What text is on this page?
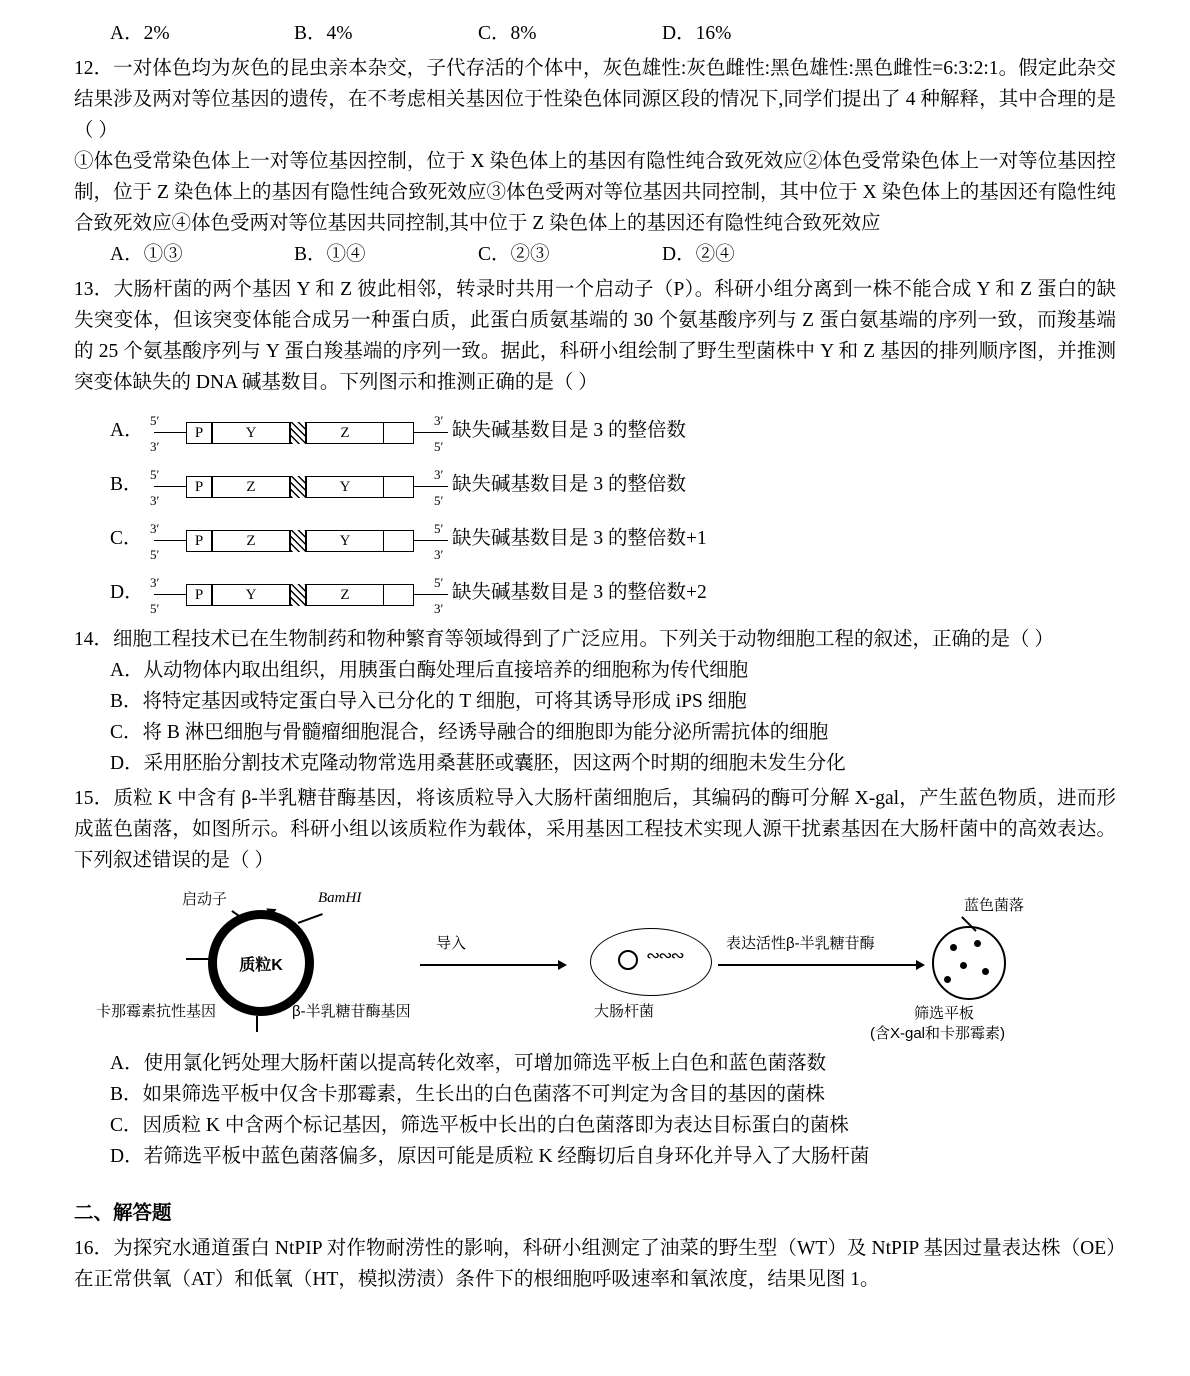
A．2%	B．4%	C．8%	D．16%
12．一对体色均为灰色的昆虫亲本杂交，子代存活的个体中，灰色雄性:灰色雌性:黑色雄性:黑色雌性=6:3:2:1。假定此杂交结果涉及两对等位基因的遗传，在不考虑相关基因位于性染色体同源区段的情况下,同学们提出了 4 种解释，其中合理的是（ ）
①体色受常染色体上一对等位基因控制，位于 X 染色体上的基因有隐性纯合致死效应②体色受常染色体上一对等位基因控制，位于 Z 染色体上的基因有隐性纯合致死效应③体色受两对等位基因共同控制，其中位于 X 染色体上的基因还有隐性纯合致死效应④体色受两对等位基因共同控制,其中位于 Z 染色体上的基因还有隐性纯合致死效应
A．①③	B．①④	C．②③	D．②④
13．大肠杆菌的两个基因 Y 和 Z 彼此相邻，转录时共用一个启动子（P）。科研小组分离到一株不能合成 Y 和 Z 蛋白的缺失突变体，但该突变体能合成另一种蛋白质，此蛋白质氨基端的 30 个氨基酸序列与 Z 蛋白氨基端的序列一致，而羧基端的 25 个氨基酸序列与 Y 蛋白羧基端的序列一致。据此，科研小组绘制了野生型菌株中 Y 和 Z 基因的排列顺序图，并推测突变体缺失的 DNA 碱基数目。下列图示和推测正确的是（ ）
A． 5′
3′
3′
5′
P	Y	Z	缺失碱基数目是 3 的整倍数
B． 5′
3′
3′
5′
P	Z	Y	缺失碱基数目是 3 的整倍数
C． 3′
5′
5′
3′
P	Z	Y	缺失碱基数目是 3 的整倍数+1
D． 3′
5′
5′
3′
P	Y	Z	缺失碱基数目是 3 的整倍数+2
14．细胞工程技术已在生物制药和物种繁育等领域得到了广泛应用。下列关于动物细胞工程的叙述，正确的是（ ）
A．从动物体内取出组织，用胰蛋白酶处理后直接培养的细胞称为传代细胞
B．将特定基因或特定蛋白导入已分化的 T 细胞，可将其诱导形成 iPS 细胞
C．将 B 淋巴细胞与骨髓瘤细胞混合，经诱导融合的细胞即为能分泌所需抗体的细胞
D．采用胚胎分割技术克隆动物常选用桑葚胚或囊胚，因这两个时期的细胞未发生分化
15．质粒 K 中含有 β-半乳糖苷酶基因，将该质粒导入大肠杆菌细胞后，其编码的酶可分解 X-gal，产生蓝色物质，进而形成蓝色菌落，如图所示。科研小组以该质粒作为载体，采用基因工程技术实现人源干扰素基因在大肠杆菌中的高效表达。下列叙述错误的是（ ）
启动子	BamHI
质粒K
卡那霉素抗性基因	β-半乳糖苷酶基因
导入
∾∾∾
大肠杆菌
表达活性β-半乳糖苷酶
蓝色菌落
筛选平板
(含X-gal和卡那霉素)
A．使用氯化钙处理大肠杆菌以提高转化效率，可增加筛选平板上白色和蓝色菌落数
B．如果筛选平板中仅含卡那霉素，生长出的白色菌落不可判定为含目的基因的菌株
C．因质粒 K 中含两个标记基因，筛选平板中长出的白色菌落即为表达目标蛋白的菌株
D．若筛选平板中蓝色菌落偏多，原因可能是质粒 K 经酶切后自身环化并导入了大肠杆菌
二、解答题
16．为探究水通道蛋白 NtPIP 对作物耐涝性的影响，科研小组测定了油菜的野生型（WT）及 NtPIP 基因过量表达株（OE）在正常供氧（AT）和低氧（HT，模拟涝渍）条件下的根细胞呼吸速率和氧浓度，结果见图 1。
